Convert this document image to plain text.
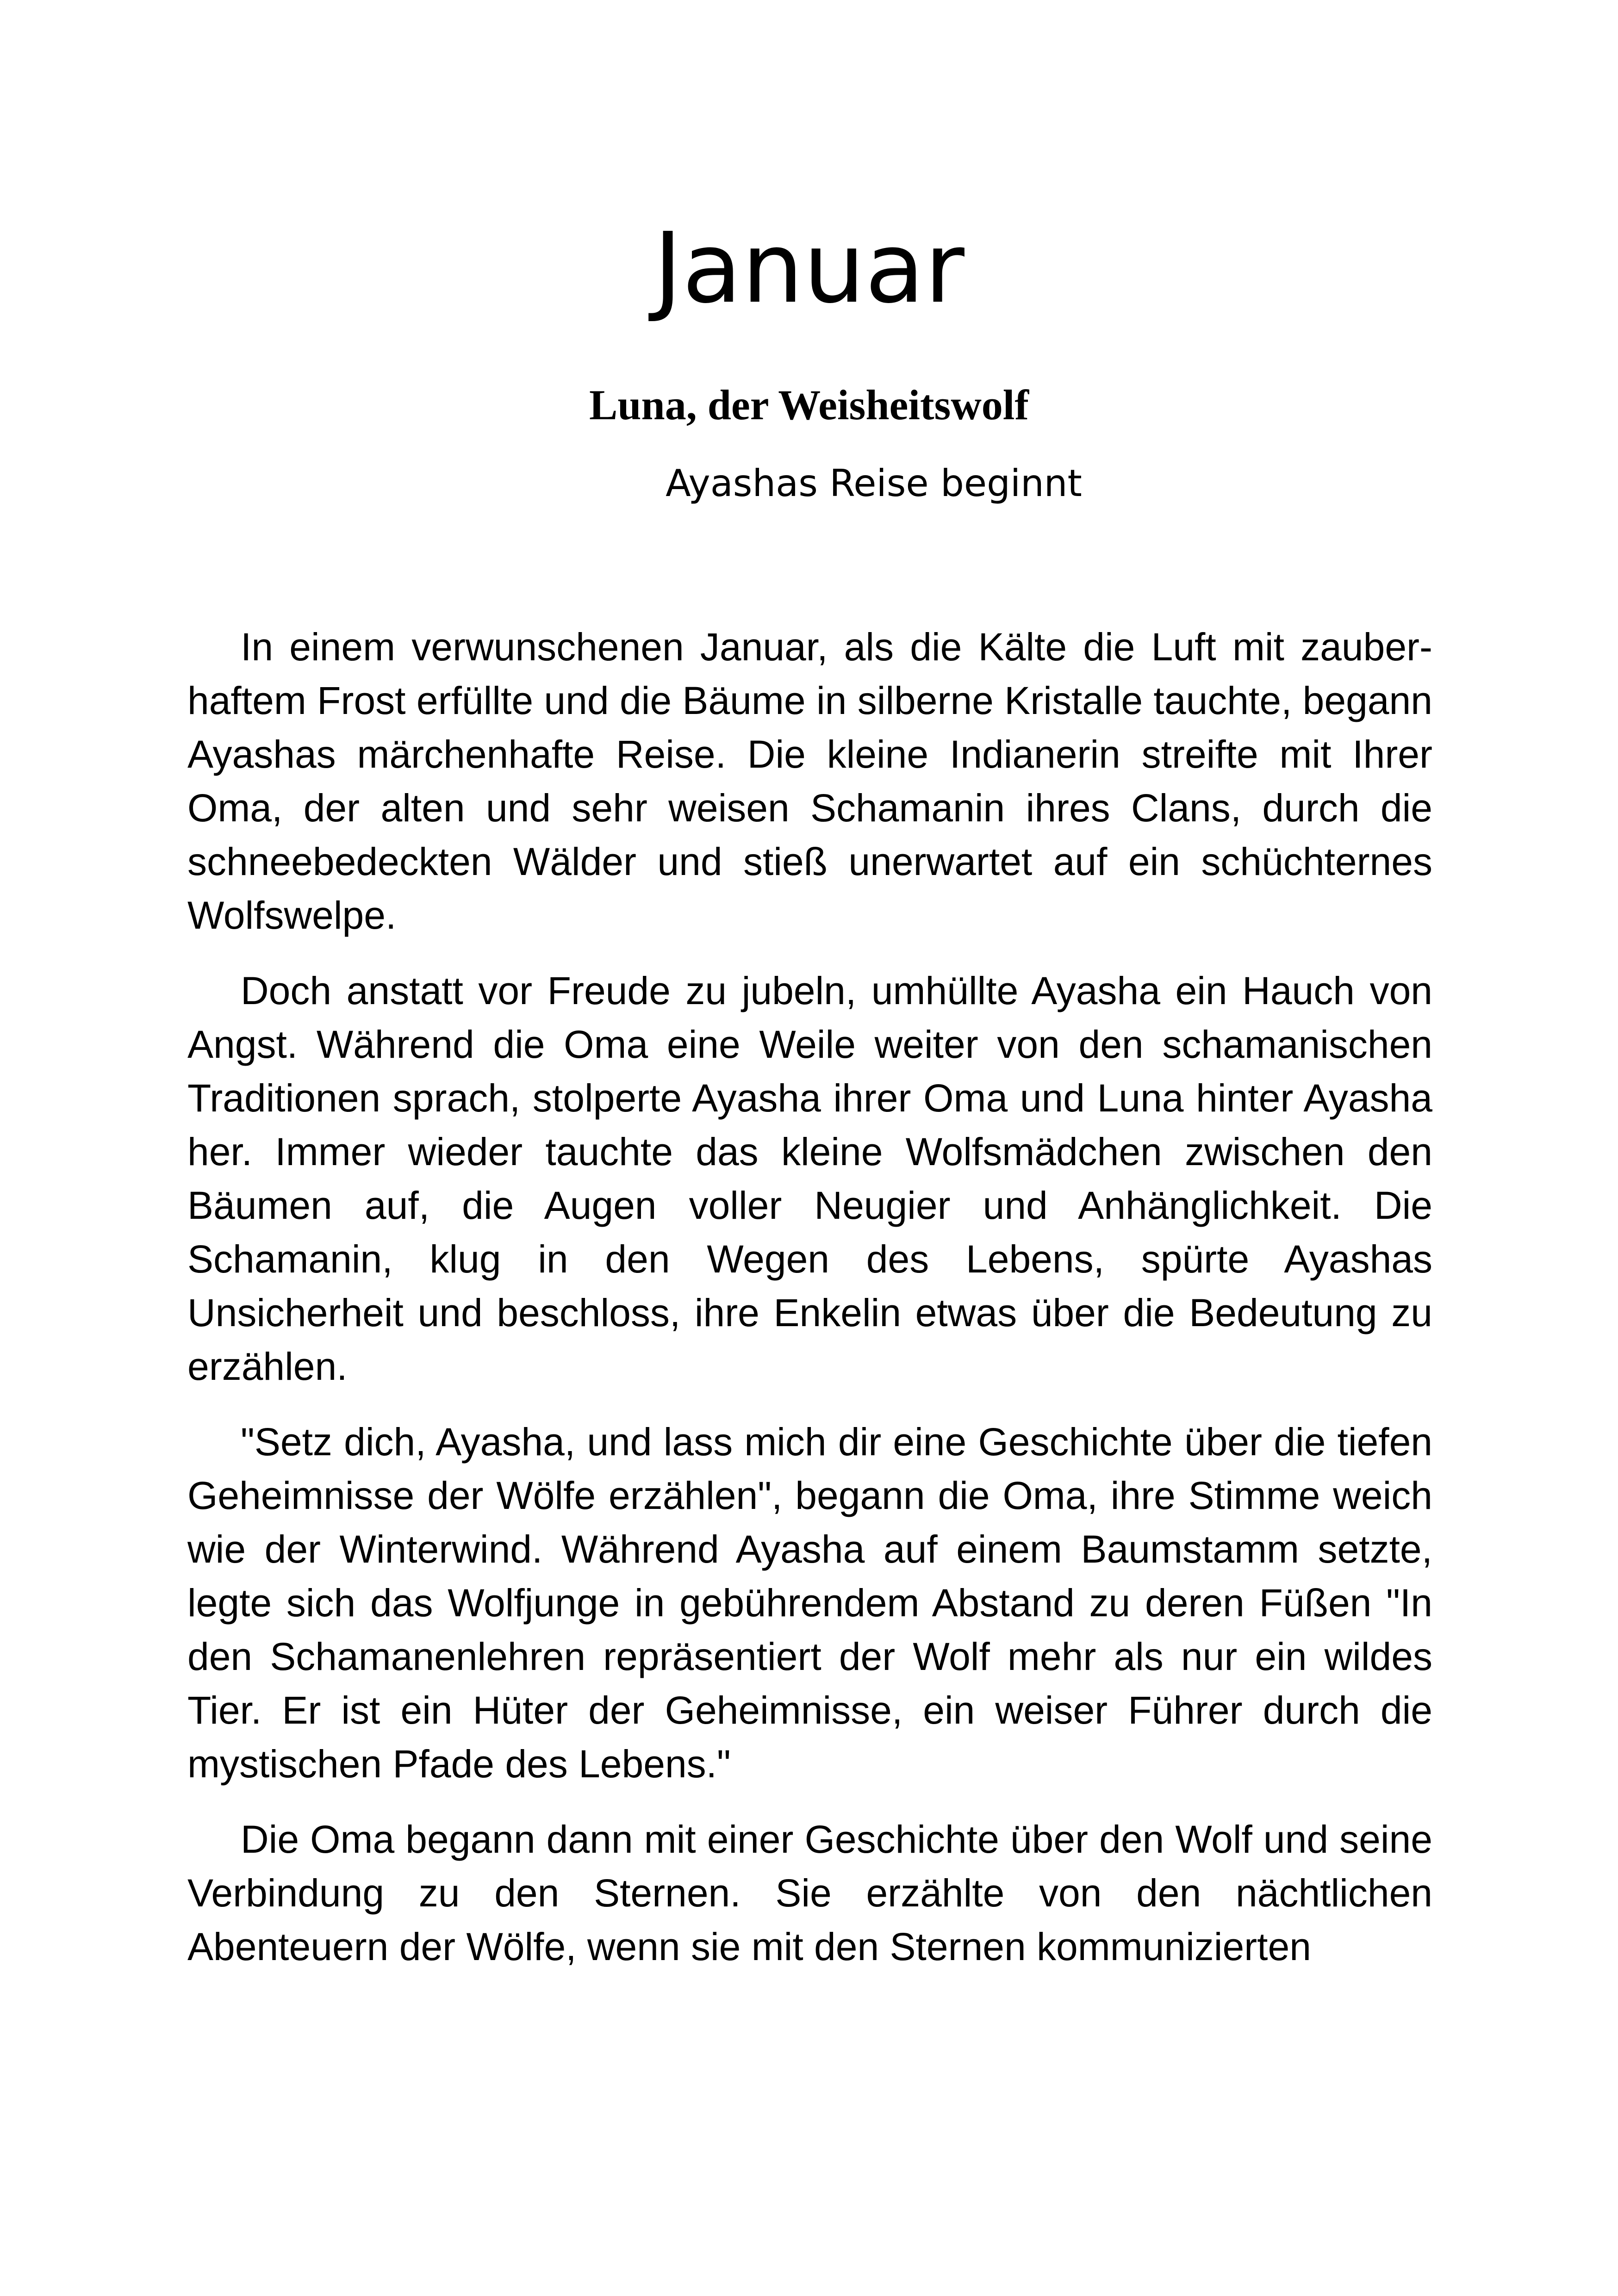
Januar
Luna, der Weisheitswolf
Ayashas Reise beginnt

In einem verwunschenen Januar, als die Kälte die Luft mit zauberhaftem Frost erfüllte und die Bäume in silberne Kristalle tauchte, begann Ayashas märchenhafte Reise. Die kleine Indianerin streifte mit Ihrer Oma, der alten und sehr weisen Schamanin ihres Clans, durch die schneebedeckten Wälder und stieß unerwartet auf ein schüchternes Wolfswelpe.

Doch anstatt vor Freude zu jubeln, umhüllte Ayasha ein Hauch von Angst. Während die Oma eine Weile weiter von den schamanischen Traditionen sprach, stolperte Ayasha ihrer Oma und Luna hinter Ayasha her. Immer wieder tauchte das kleine Wolfsmädchen zwischen den Bäumen auf, die Augen voller Neugier und Anhänglichkeit. Die Schamanin, klug in den Wegen des Lebens, spürte Ayashas Unsicherheit und beschloss, ihre Enkelin etwas über die Bedeutung zu erzählen.

"Setz dich, Ayasha, und lass mich dir eine Geschichte über die tiefen Geheimnisse der Wölfe erzählen", begann die Oma, ihre Stimme weich wie der Winterwind. Während Ayasha auf einem Baumstamm setzte, legte sich das Wolfjunge in gebührendem Abstand zu deren Füßen "In den Schamanenlehren repräsentiert der Wolf mehr als nur ein wildes Tier. Er ist ein Hüter der Geheimnisse, ein weiser Führer durch die mystischen Pfade des Lebens."

Die Oma begann dann mit einer Geschichte über den Wolf und seine Verbindung zu den Sternen. Sie erzählte von den nächtlichen Abenteuern der Wölfe, wenn sie mit den Sternen kommunizierten
